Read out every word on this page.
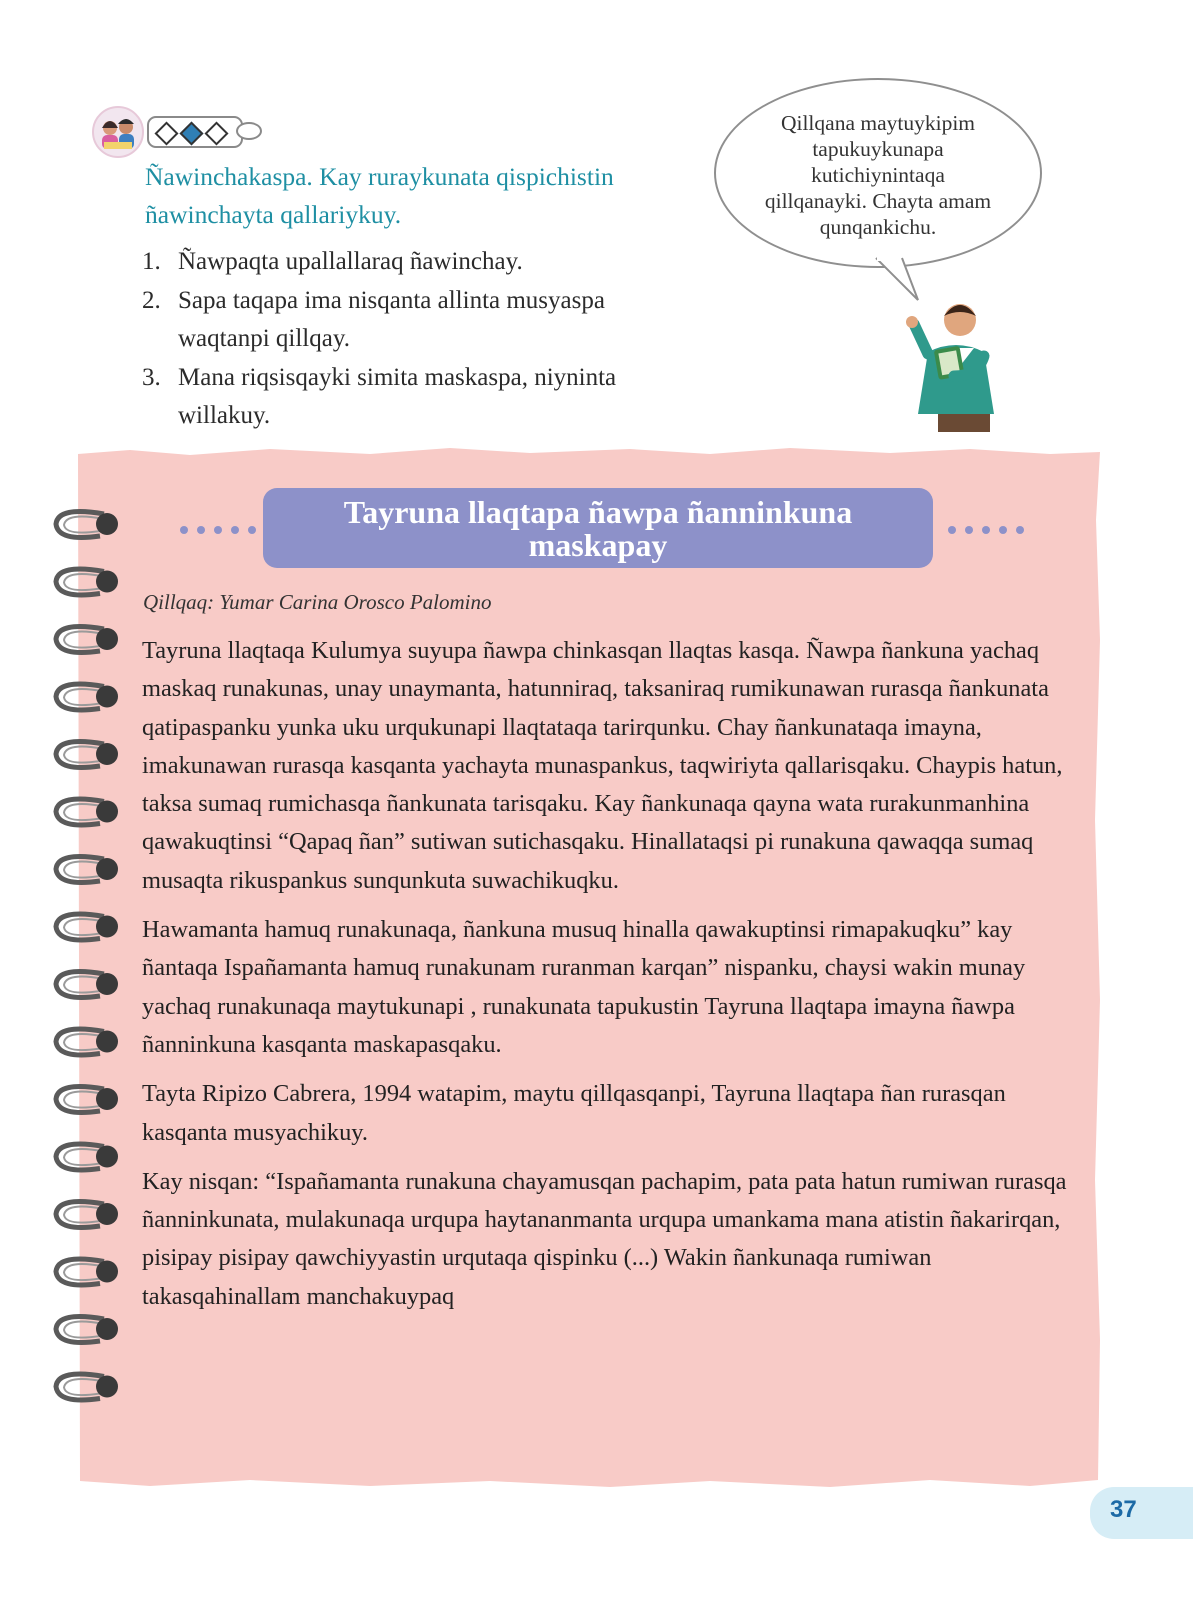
Ñawinchakaspa. Kay ruraykunata qispichistin ñawinchayta qallariykuy.
1. Ñawpaqta upallallaraq ñawinchay.
2. Sapa taqapa ima nisqanta allinta musyaspa waqtanpi qillqay.
3. Mana riqsisqayki simita maskaspa, niyninta willakuy.
Qillqana maytuykipim
tapukuykunapa
kutichiynintaqa
qillqanayki. Chayta amam
qunqankichu.
Tayruna llaqtapa ñawpa ñanninkuna
maskapay
Qillqaq: Yumar Carina Orosco Palomino

Tayruna llaqtaqa Kulumya suyupa ñawpa chinkasqan llaqtas kasqa. Ñawpa ñankuna yachaq maskaq runakunas, unay unaymanta, hatunniraq, taksaniraq rumikunawan rurasqa ñankunata qatipaspanku yunka uku urqukunapi llaqtataqa tarirqunku. Chay ñankunataqa imayna, imakunawan rurasqa kasqanta yachayta munaspankus, taqwiriyta qallarisqaku. Chaypis hatun, taksa sumaq rumichasqa ñankunata tarisqaku. Kay ñankunaqa qayna wata rurakunmanhina qawakuqtinsi “Qapaq ñan” sutiwan sutichasqaku. Hinallataqsi pi runakuna qawaqqa sumaq musaqta rikuspankus sunqunkuta suwachikuqku.

Hawamanta hamuq runakunaqa, ñankuna musuq hinalla qawakuptinsi rimapakuqku” kay ñantaqa Ispañamanta hamuq runakunam ruranman karqan” nispanku, chaysi wakin munay yachaq runakunaqa maytukunapi , runakunata tapukustin Tayruna llaqtapa imayna ñawpa ñanninkuna kasqanta maskapasqaku.

Tayta Ripizo Cabrera, 1994 watapim, maytu qillqasqanpi, Tayruna llaqtapa ñan rurasqan kasqanta musyachikuy.

Kay nisqan: “Ispañamanta runakuna chayamusqan pachapim, pata pata hatun rumiwan rurasqa ñanninkunata, mulakunaqa urqupa haytananmanta urqupa umankama mana atistin ñakarirqan, pisipay pisipay qawchiyyastin urqutaqa qispinku (...) Wakin ñankunaqa rumiwan takasqahinallam manchakuypaq

37
